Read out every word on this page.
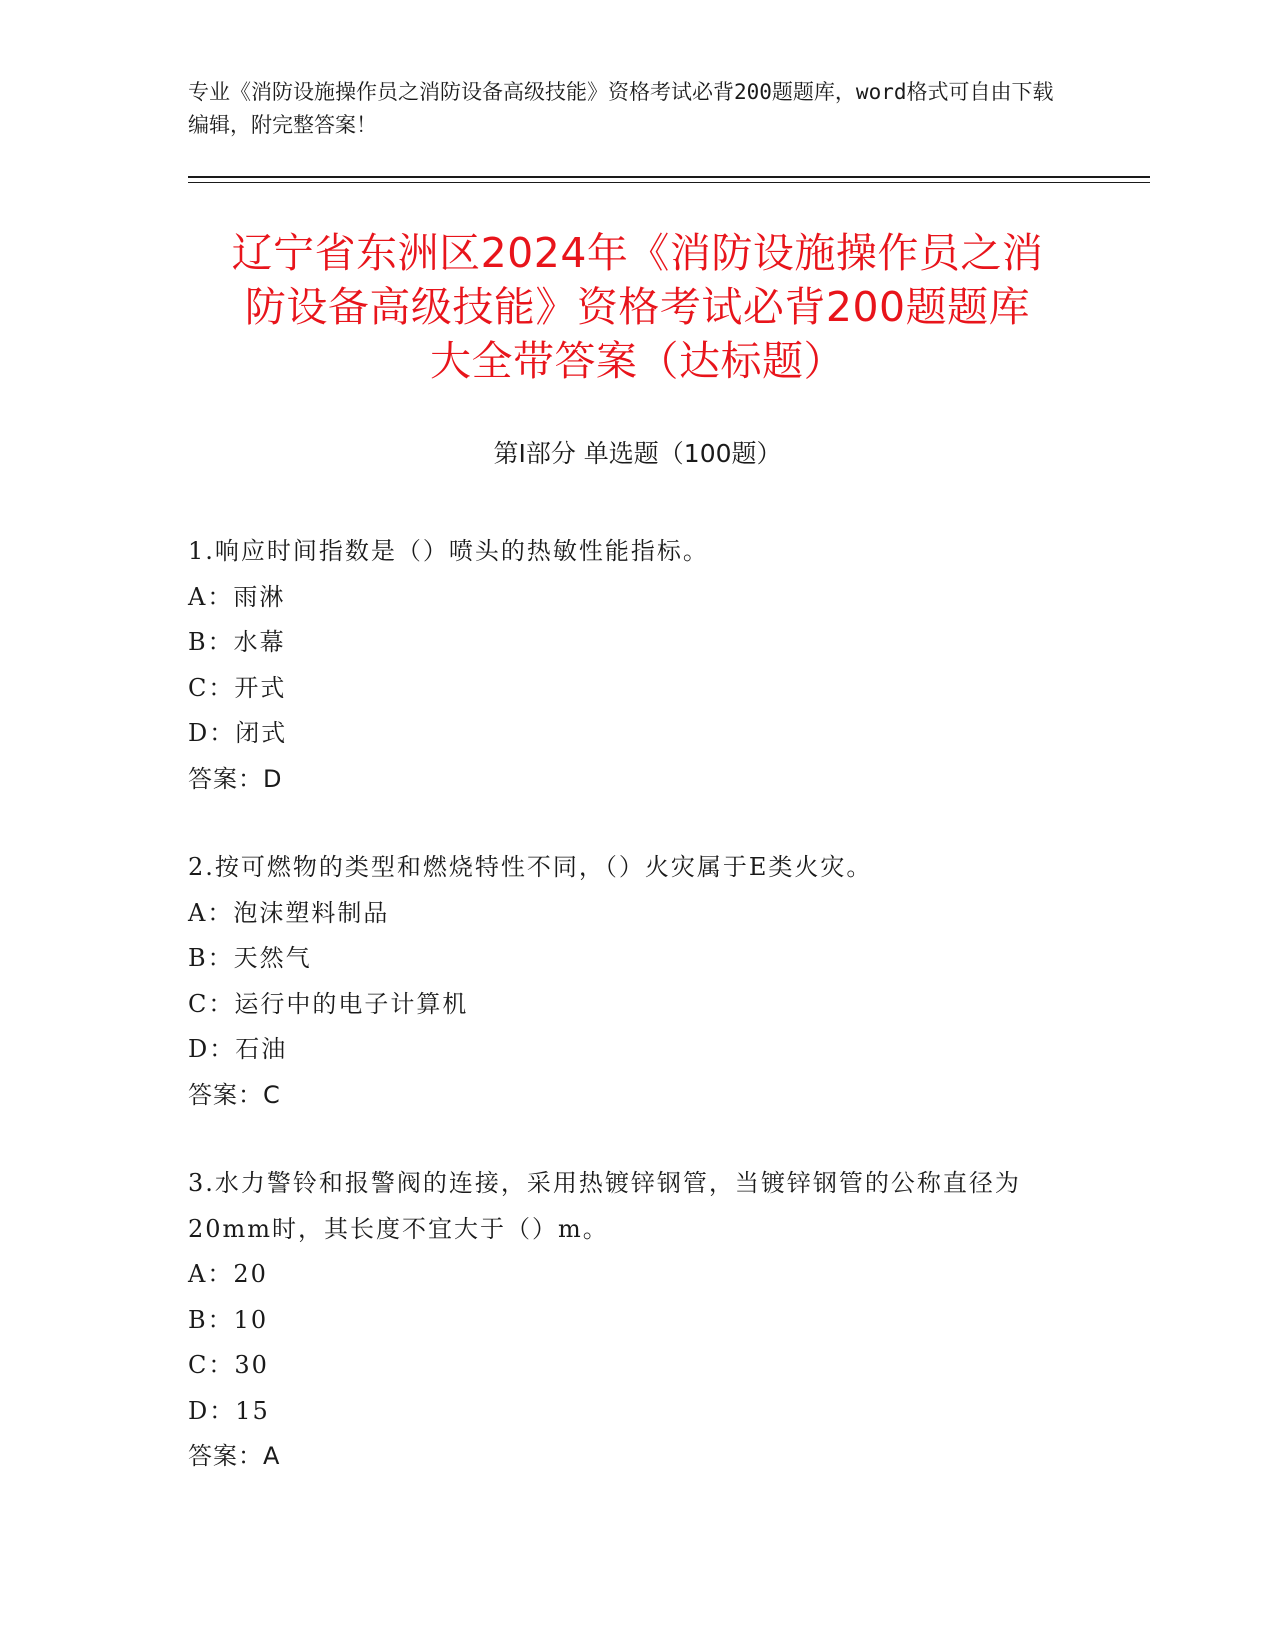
专业《消防设施操作员之消防设备高级技能》资格考试必背200题题库，word格式可自由下载编辑，附完整答案！
辽宁省东洲区2024年《消防设施操作员之消
防设备高级技能》资格考试必背200题题库
大全带答案（达标题）
第Ⅰ部分 单选题（100题）
1.响应时间指数是（）喷头的热敏性能指标。
A：雨淋
B：水幕
C：开式
D：闭式
答案：D
2.按可燃物的类型和燃烧特性不同，（）火灾属于E类火灾。
A：泡沫塑料制品
B：天然气
C：运行中的电子计算机
D：石油
答案：C
3.水力警铃和报警阀的连接，采用热镀锌钢管，当镀锌钢管的公称直径为20mm时，其长度不宜大于（）m。
A：20
B：10
C：30
D：15
答案：A
